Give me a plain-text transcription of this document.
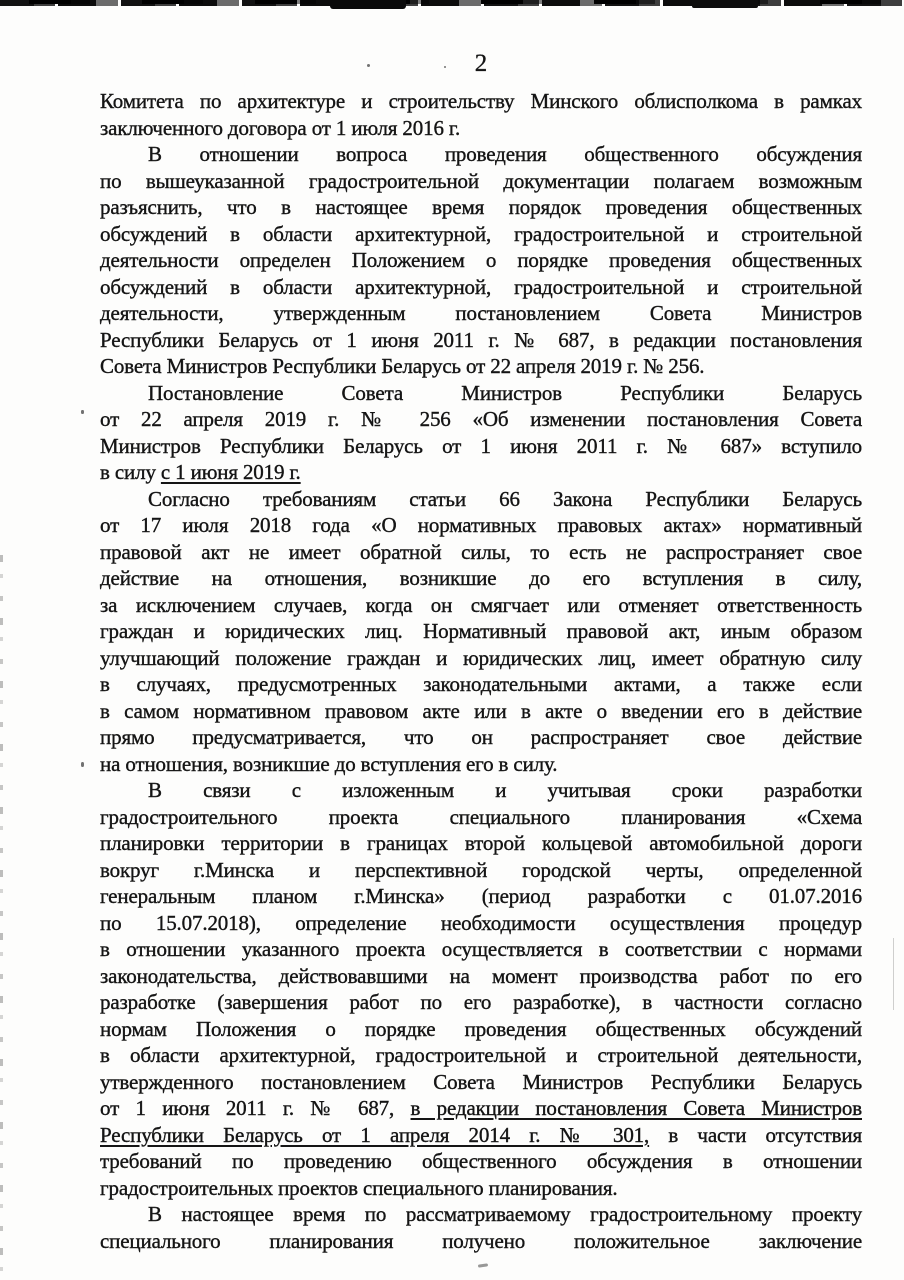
2
Комитета по архитектуре и строительству Минского облисполкома в рамках
заключенного договора от 1 июля 2016 г.
В отношении вопроса проведения общественного обсуждения
по вышеуказанной градостроительной документации полагаем возможным
разъяснить, что в настоящее время порядок проведения общественных
обсуждений в области архитектурной, градостроительной и строительной
деятельности определен Положением о порядке проведения общественных
обсуждений в области архитектурной, градостроительной и строительной
деятельности, утвержденным постановлением Совета Министров
Республики Беларусь от 1 июня 2011 г. № 687, в редакции постановления
Совета Министров Республики Беларусь от 22 апреля 2019 г. № 256.
Постановление Совета Министров Республики Беларусь
от 22 апреля 2019 г. № 256 «Об изменении постановления Совета
Министров Республики Беларусь от 1 июня 2011 г. № 687» вступило
в силу с 1 июня 2019 г.
Согласно требованиям статьи 66 Закона Республики Беларусь
от 17 июля 2018 года «О нормативных правовых актах» нормативный
правовой акт не имеет обратной силы, то есть не распространяет свое
действие на отношения, возникшие до его вступления в силу,
за исключением случаев, когда он смягчает или отменяет ответственность
граждан и юридических лиц. Нормативный правовой акт, иным образом
улучшающий положение граждан и юридических лиц, имеет обратную силу
в случаях, предусмотренных законодательными актами, а также если
в самом нормативном правовом акте или в акте о введении его в действие
прямо предусматривается, что он распространяет свое действие
на отношения, возникшие до вступления его в силу.
В связи с изложенным и учитывая сроки разработки
градостроительного проекта специального планирования «Схема
планировки территории в границах второй кольцевой автомобильной дороги
вокруг г.Минска и перспективной городской черты, определенной
генеральным планом г.Минска» (период разработки с 01.07.2016
по 15.07.2018), определение необходимости осуществления процедур
в отношении указанного проекта осуществляется в соответствии с нормами
законодательства, действовавшими на момент производства работ по его
разработке (завершения работ по его разработке), в частности согласно
нормам Положения о порядке проведения общественных обсуждений
в области архитектурной, градостроительной и строительной деятельности,
утвержденного постановлением Совета Министров Республики Беларусь
от 1 июня 2011 г. № 687, в редакции постановления Совета Министров
Республики Беларусь от 1 апреля 2014 г. № 301, в части отсутствия
требований по проведению общественного обсуждения в отношении
градостроительных проектов специального планирования.
В настоящее время по рассматриваемому градостроительному проекту
специального планирования получено положительное заключение
